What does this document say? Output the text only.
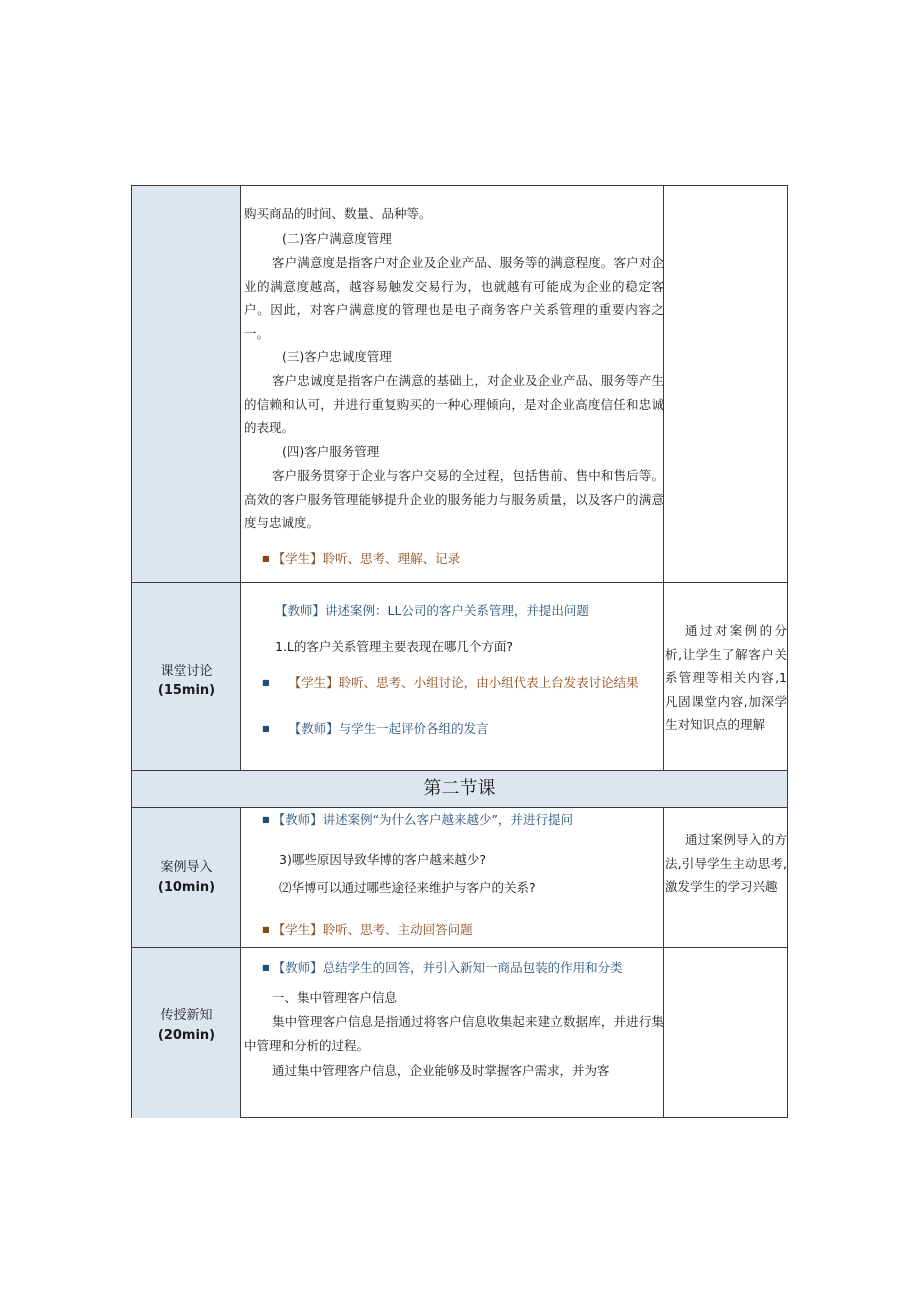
购买商品的时间、数量、品种等。
(二)客户满意度管理
客户满意度是指客户对企业及企业产品、服务等的满意程度。客户对企业的满意度越高，越容易触发交易行为，也就越有可能成为企业的稳定客户。因此，对客户满意度的管理也是电子商务客户关系管理的重要内容之一。
(三)客户忠诚度管理
客户忠诚度是指客户在满意的基础上，对企业及企业产品、服务等产生的信赖和认可，并进行重复购买的一种心理倾向，是对企业高度信任和忠诚的表现。
(四)客户服务管理
客户服务贯穿于企业与客户交易的全过程，包括售前、售中和售后等。高效的客户服务管理能够提升企业的服务能力与服务质量，以及客户的满意度与忠诚度。
■ 【学生】聆听、思考、理解、记录
课堂讨论
(15min)
【教师】讲述案例：LL公司的客户关系管理，并提出问题
1.L的客户关系管理主要表现在哪几个方面?
■ 【学生】聆听、思考、小组讨论，由小组代表上台发表讨论结果
■ 【教师】与学生一起评价各组的发言
通过对案例的分析,让学生了解客户关系管理等相关内容,1凡固课堂内容,加深学生对知识点的理解
第二节课
案例导入
(10min)
■ 【教师】讲述案例“为什么客户越来越少”，并进行提问
3)哪些原因导致华博的客户越来越少?
⑵华博可以通过哪些途径来维护与客户的关系?
■ 【学生】聆听、思考、主动回答问题
通过案例导入的方法,引导学生主动思考,激发学生的学习兴趣
传授新知
(20min)
■ 【教师】总结学生的回答，并引入新知一商品包装的作用和分类
一、集中管理客户信息
集中管理客户信息是指通过将客户信息收集起来建立数据库，并进行集中管理和分析的过程。
通过集中管理客户信息，企业能够及时掌握客户需求，并为客
